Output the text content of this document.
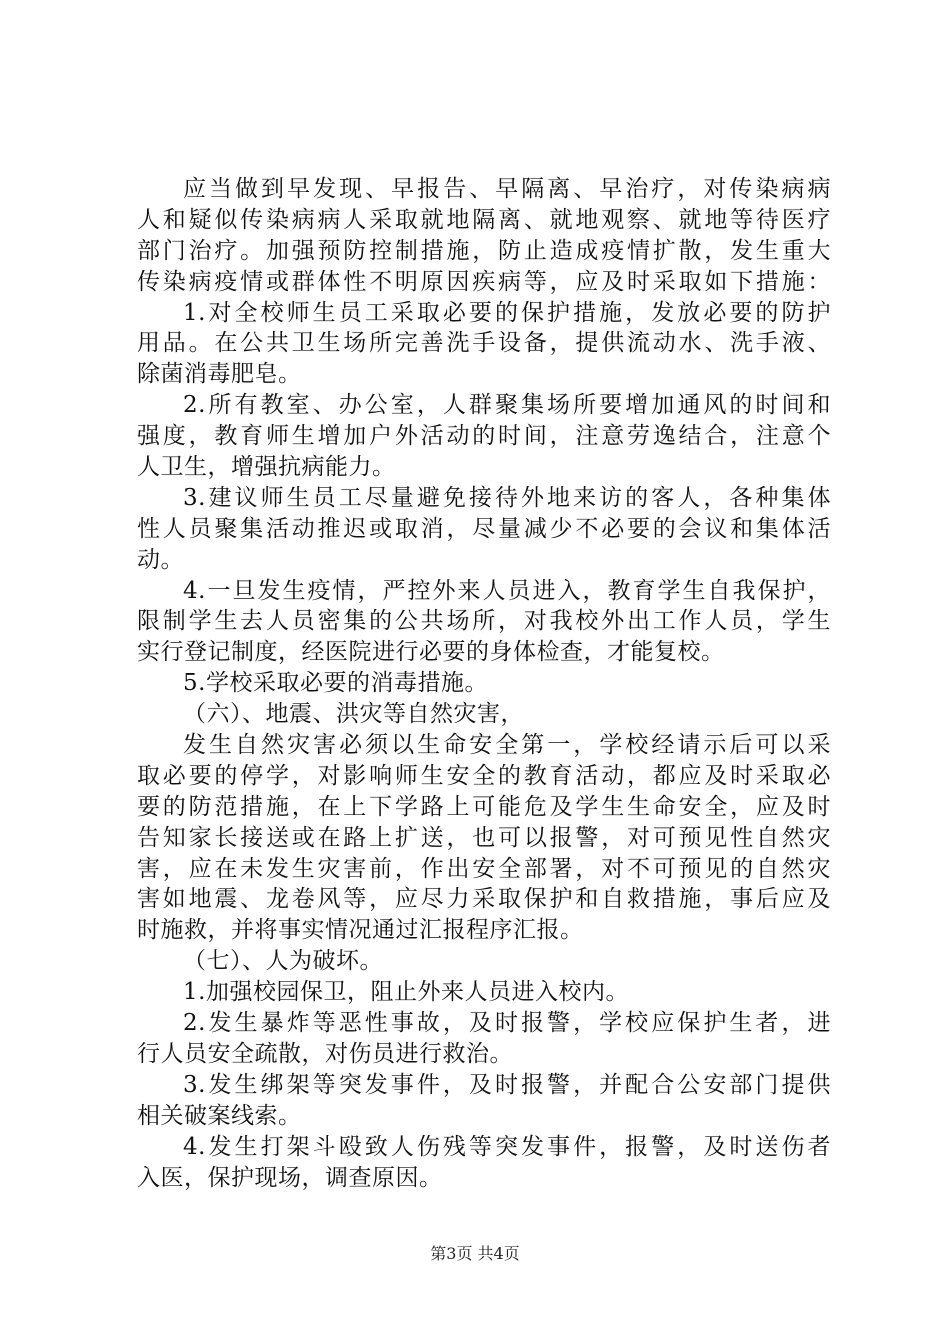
应当做到早发现、早报告、早隔离、早治疗，对传染病病
人和疑似传染病病人采取就地隔离、就地观察、就地等待医疗
部门治疗。加强预防控制措施，防止造成疫情扩散，发生重大
传染病疫情或群体性不明原因疾病等，应及时采取如下措施：
1.对全校师生员工采取必要的保护措施，发放必要的防护
用品。在公共卫生场所完善洗手设备，提供流动水、洗手液、
除菌消毒肥皂。
2.所有教室、办公室，人群聚集场所要增加通风的时间和
强度，教育师生增加户外活动的时间，注意劳逸结合，注意个
人卫生，增强抗病能力。
3.建议师生员工尽量避免接待外地来访的客人，各种集体
性人员聚集活动推迟或取消，尽量减少不必要的会议和集体活
动。
4.一旦发生疫情，严控外来人员进入，教育学生自我保护，
限制学生去人员密集的公共场所，对我校外出工作人员，学生
实行登记制度，经医院进行必要的身体检查，才能复校。
5.学校采取必要的消毒措施。
（六）、地震、洪灾等自然灾害，
发生自然灾害必须以生命安全第一，学校经请示后可以采
取必要的停学，对影响师生安全的教育活动，都应及时采取必
要的防范措施，在上下学路上可能危及学生生命安全，应及时
告知家长接送或在路上扩送，也可以报警，对可预见性自然灾
害，应在未发生灾害前，作出安全部署，对不可预见的自然灾
害如地震、龙卷风等，应尽力采取保护和自救措施，事后应及
时施救，并将事实情况通过汇报程序汇报。
（七）、人为破坏。
1.加强校园保卫，阻止外来人员进入校内。
2.发生暴炸等恶性事故，及时报警，学校应保护生者，进
行人员安全疏散，对伤员进行救治。
3.发生绑架等突发事件，及时报警，并配合公安部门提供
相关破案线索。
4.发生打架斗殴致人伤残等突发事件，报警，及时送伤者
入医，保护现场，调查原因。
第3页 共4页
